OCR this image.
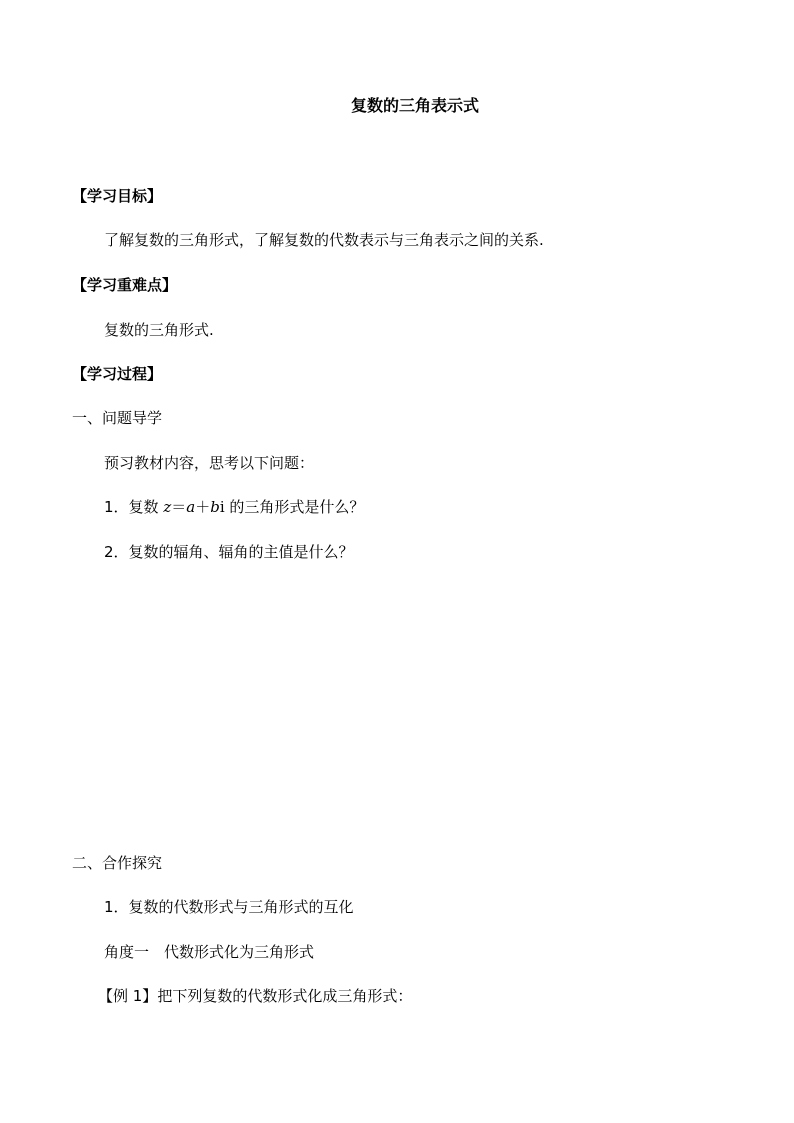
复数的三角表示式
【学习目标】
了解复数的三角形式，了解复数的代数表示与三角表示之间的关系.
【学习重难点】
复数的三角形式.
【学习过程】
一、问题导学
预习教材内容，思考以下问题：
1．复数 z＝a＋bi 的三角形式是什么？
2．复数的辐角、辐角的主值是什么？
二、合作探究
1．复数的代数形式与三角形式的互化
角度一　代数形式化为三角形式
【例 1】把下列复数的代数形式化成三角形式：
